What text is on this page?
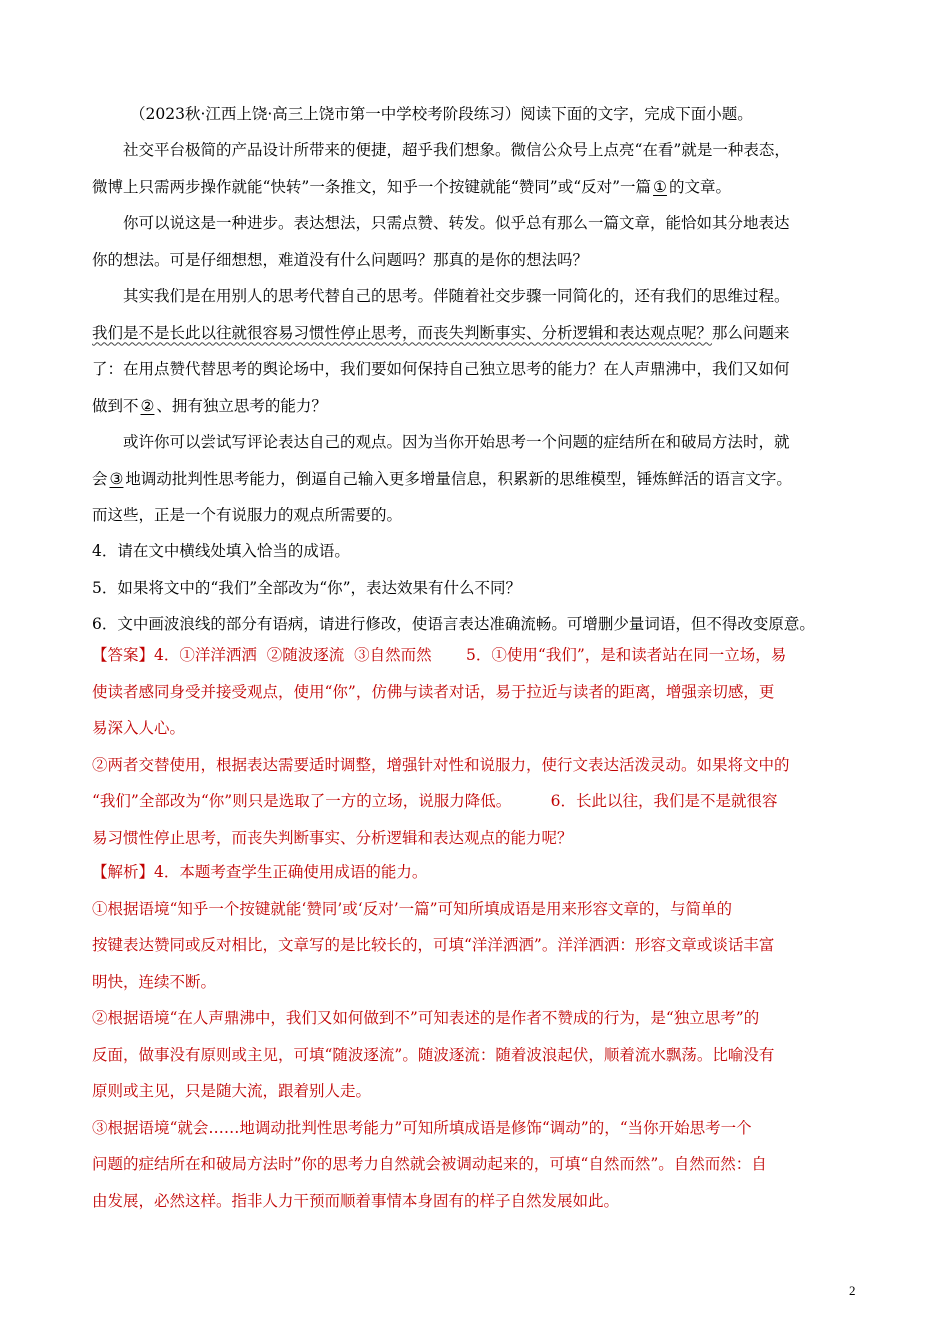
（2023秋·江西上饶·高三上饶市第一中学校考阶段练习）阅读下面的文字，完成下面小题。

社交平台极简的产品设计所带来的便捷，超乎我们想象。微信公众号上点亮“在看”就是一种表态，
微博上只需两步操作就能“快转”一条推文，知乎一个按键就能“赞同”或“反对”一篇 ① 的文章。

你可以说这是一种进步。表达想法，只需点赞、转发。似乎总有那么一篇文章，能恰如其分地表达
你的想法。可是仔细想想，难道没有什么问题吗？那真的是你的想法吗？

其实我们是在用别人的思考代替自己的思考。伴随着社交步骤一同简化的，还有我们的思维过程。
我们是不是长此以往就很容易习惯性停止思考，而丧失判断事实、分析逻辑和表达观点呢？那么问题来
了：在用点赞代替思考的舆论场中，我们要如何保持自己独立思考的能力？在人声鼎沸中，我们又如何
做到不 ② 、拥有独立思考的能力？

或许你可以尝试写评论表达自己的观点。因为当你开始思考一个问题的症结所在和破局方法时，就
会 ③ 地调动批判性思考能力，倒逼自己输入更多增量信息，积累新的思维模型，锤炼鲜活的语言文字。
而这些，正是一个有说服力的观点所需要的。

4．请在文中横线处填入恰当的成语。
5．如果将文中的“我们”全部改为“你”，表达效果有什么不同？
6．文中画波浪线的部分有语病，请进行修改，使语言表达准确流畅。可增删少量词语，但不得改变原意。

【答案】4．①洋洋洒洒  ②随波逐流  ③自然而然       5．①使用“我们”，是和读者站在同一立场，易
使读者感同身受并接受观点，使用“你”，仿佛与读者对话，易于拉近与读者的距离，增强亲切感，更
易深入人心。
②两者交替使用，根据表达需要适时调整，增强针对性和说服力，使行文表达活泼灵动。如果将文中的
“我们”全部改为“你”则只是选取了一方的立场，说服力降低。        6．长此以往，我们是不是就很容
易习惯性停止思考，而丧失判断事实、分析逻辑和表达观点的能力呢？

【解析】4．本题考查学生正确使用成语的能力。
①根据语境“知乎一个按键就能‘赞同’或‘反对’一篇”可知所填成语是用来形容文章的，与简单的
按键表达赞同或反对相比，文章写的是比较长的，可填“洋洋洒洒”。洋洋洒洒：形容文章或谈话丰富
明快，连续不断。
②根据语境“在人声鼎沸中，我们又如何做到不”可知表述的是作者不赞成的行为，是“独立思考”的
反面，做事没有原则或主见，可填“随波逐流”。随波逐流：随着波浪起伏，顺着流水飘荡。比喻没有
原则或主见，只是随大流，跟着别人走。
③根据语境“就会……地调动批判性思考能力”可知所填成语是修饰“调动”的，“当你开始思考一个
问题的症结所在和破局方法时”你的思考力自然就会被调动起来的，可填“自然而然”。自然而然：自
由发展，必然这样。指非人力干预而顺着事情本身固有的样子自然发展如此。

2
